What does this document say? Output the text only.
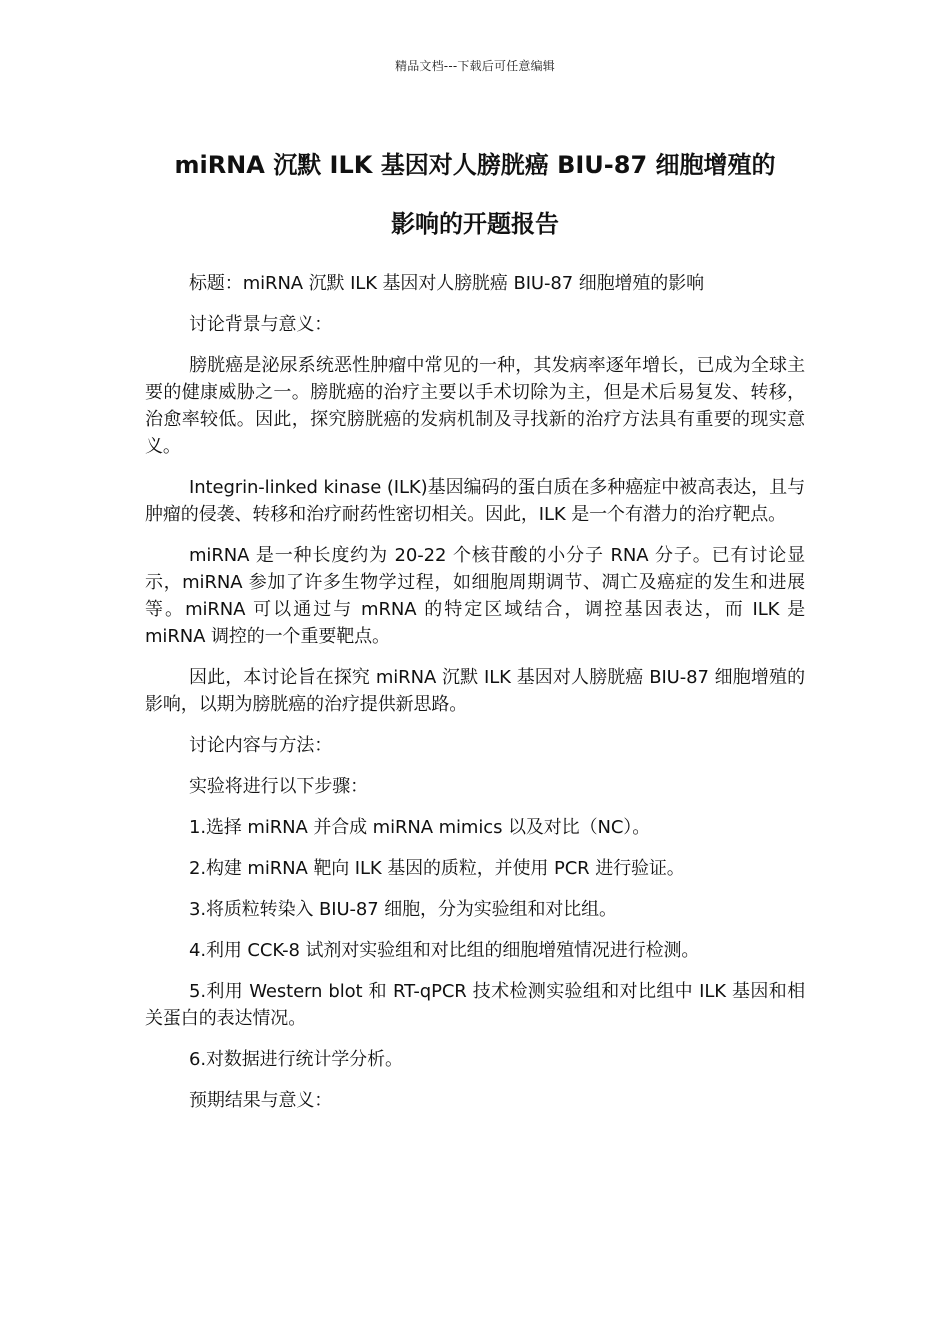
精品文档---下载后可任意编辑
miRNA 沉默 ILK 基因对人膀胱癌 BIU-87 细胞增殖的
影响的开题报告

标题：miRNA 沉默 ILK 基因对人膀胱癌 BIU-87 细胞增殖的影响

讨论背景与意义：

膀胱癌是泌尿系统恶性肿瘤中常见的一种，其发病率逐年增长，已成为全球主要的健康威胁之一。膀胱癌的治疗主要以手术切除为主，但是术后易复发、转移，治愈率较低。因此，探究膀胱癌的发病机制及寻找新的治疗方法具有重要的现实意义。

Integrin-linked kinase (ILK)基因编码的蛋白质在多种癌症中被高表达，且与肿瘤的侵袭、转移和治疗耐药性密切相关。因此，ILK 是一个有潜力的治疗靶点。

miRNA 是一种长度约为 20-22 个核苷酸的小分子 RNA 分子。已有讨论显示，miRNA 参加了许多生物学过程，如细胞周期调节、凋亡及癌症的发生和进展等。miRNA 可以通过与 mRNA 的特定区域结合，调控基因表达，而 ILK 是 miRNA 调控的一个重要靶点。

因此，本讨论旨在探究 miRNA 沉默 ILK 基因对人膀胱癌 BIU-87 细胞增殖的影响，以期为膀胱癌的治疗提供新思路。

讨论内容与方法：

实验将进行以下步骤：

1.选择 miRNA 并合成 miRNA mimics 以及对比（NC）。

2.构建 miRNA 靶向 ILK 基因的质粒，并使用 PCR 进行验证。

3.将质粒转染入 BIU-87 细胞，分为实验组和对比组。

4.利用 CCK-8 试剂对实验组和对比组的细胞增殖情况进行检测。

5.利用 Western blot 和 RT-qPCR 技术检测实验组和对比组中 ILK 基因和相关蛋白的表达情况。

6.对数据进行统计学分析。

预期结果与意义：
